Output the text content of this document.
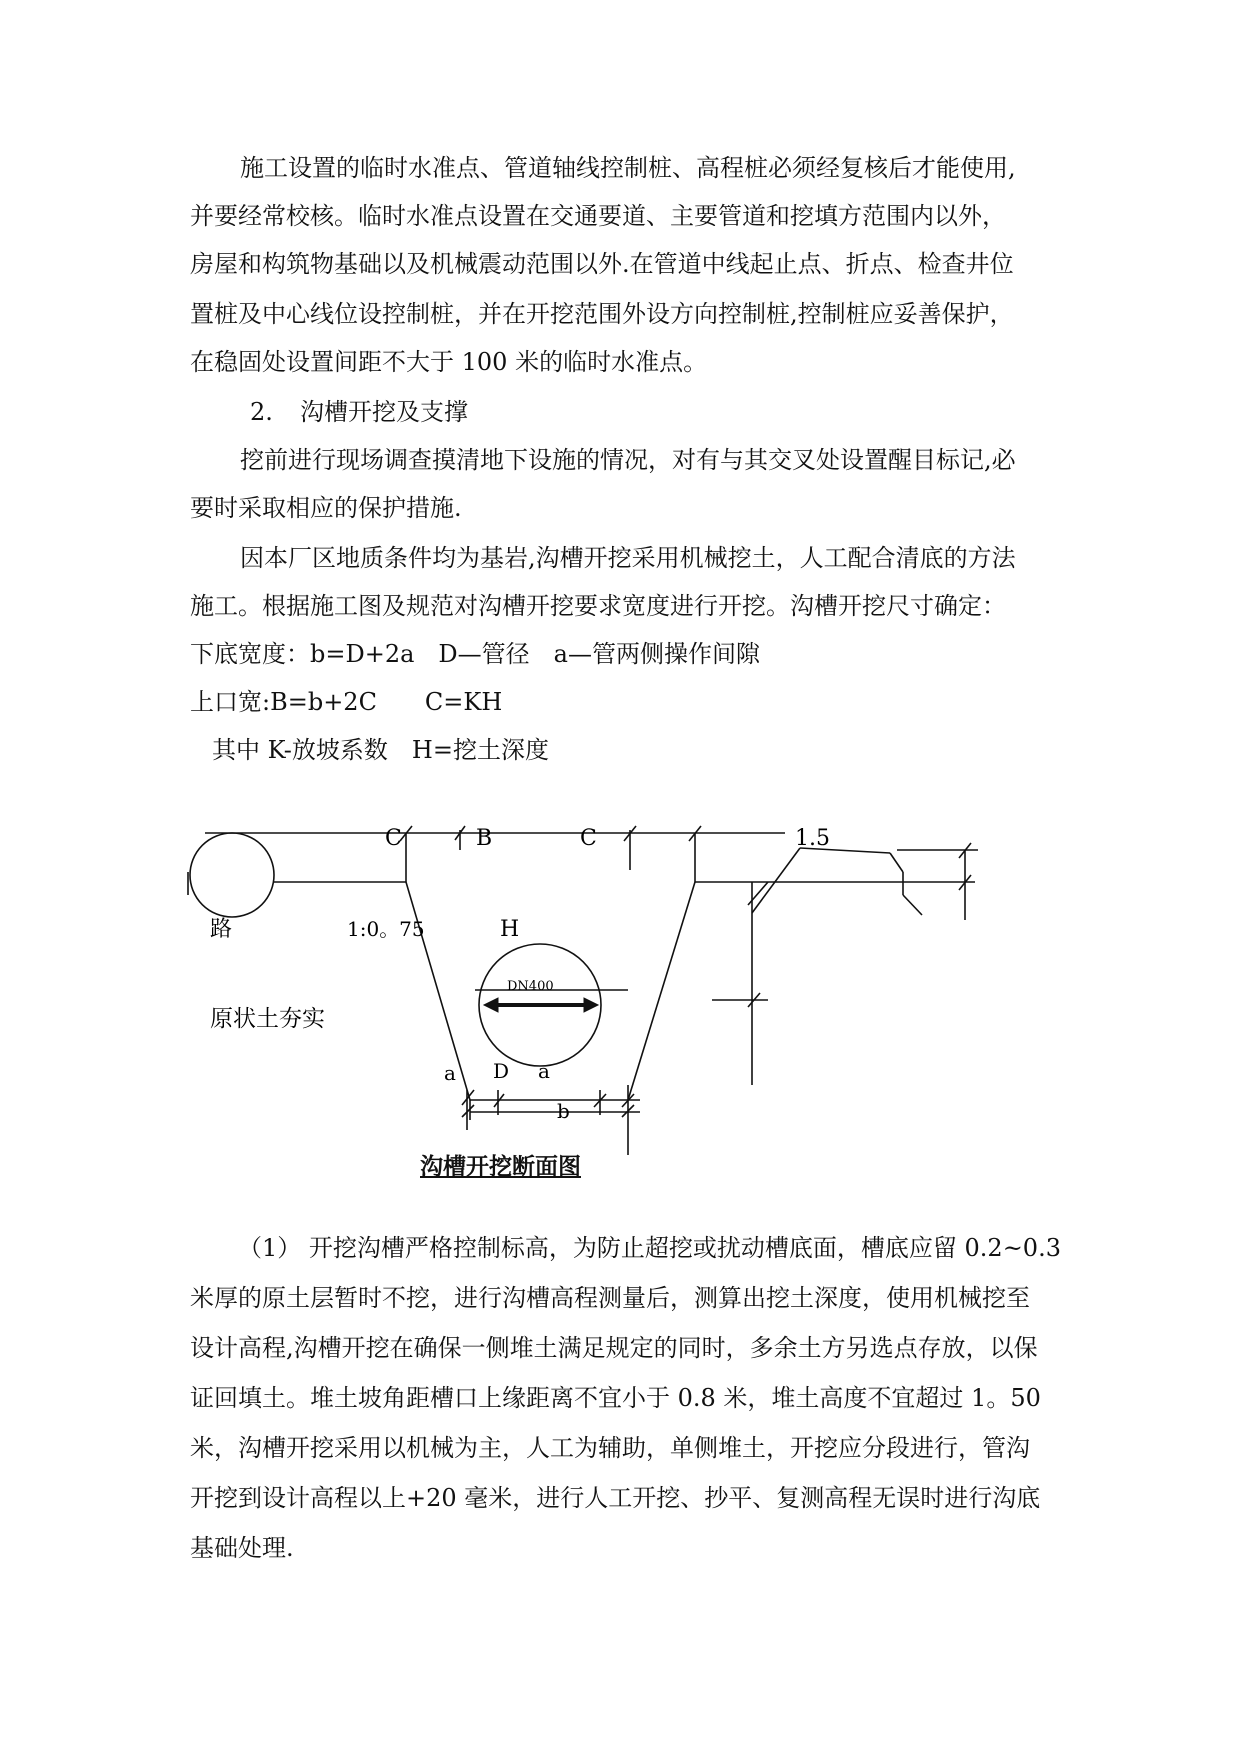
施工设置的临时水准点、管道轴线控制桩、高程桩必须经复核后才能使用,
并要经常校核。临时水准点设置在交通要道、主要管道和挖填方范围内以外，
房屋和构筑物基础以及机械震动范围以外.在管道中线起止点、折点、检查井位
置桩及中心线位设控制桩，并在开挖范围外设方向控制桩,控制桩应妥善保护，
在稳固处设置间距不大于 100 米的临时水准点。
2. 沟槽开挖及支撑
挖前进行现场调查摸清地下设施的情况，对有与其交叉处设置醒目标记,必
要时采取相应的保护措施.
因本厂区地质条件均为基岩,沟槽开挖采用机械挖土，人工配合清底的方法
施工。根据施工图及规范对沟槽开挖要求宽度进行开挖。沟槽开挖尺寸确定：
下底宽度：b=D+2a　D—管径　a—管两侧操作间隙
上口宽:B=b+2C　　C=KH
其中 K-放坡系数　H=挖土深度
C	B	C	1.5
路	1:0。75	H
DN400
原状土夯实
a D a
b
沟槽开挖断面图
（1） 开挖沟槽严格控制标高，为防止超挖或扰动槽底面，槽底应留 0.2~0.3
米厚的原土层暂时不挖，进行沟槽高程测量后，测算出挖土深度，使用机械挖至
设计高程,沟槽开挖在确保一侧堆土满足规定的同时，多余土方另选点存放，以保
证回填土。堆土坡角距槽口上缘距离不宜小于 0.8 米，堆土高度不宜超过 1。50
米，沟槽开挖采用以机械为主，人工为辅助，单侧堆土，开挖应分段进行，管沟
开挖到设计高程以上+20 毫米，进行人工开挖、抄平、复测高程无误时进行沟底
基础处理.
